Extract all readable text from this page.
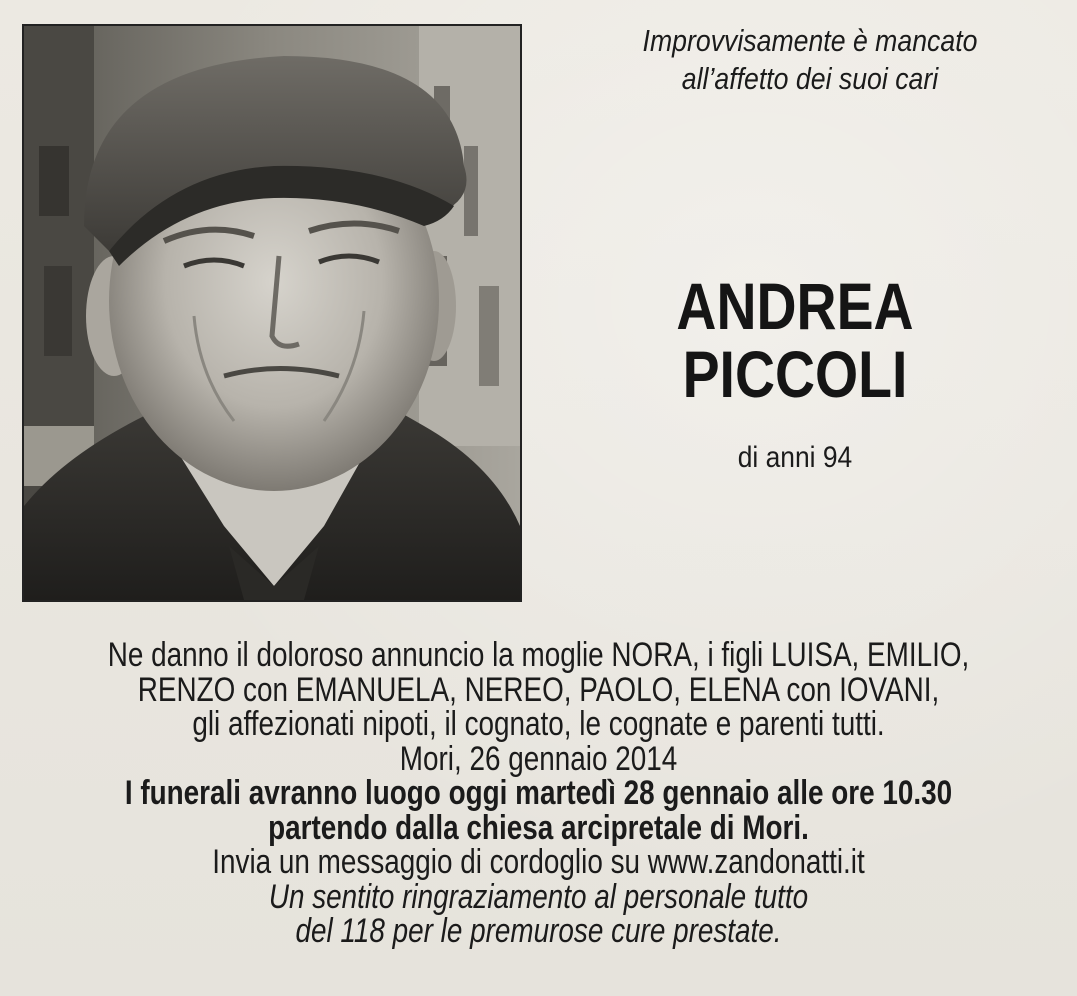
Improvvisamente è mancato
all’affetto dei suoi cari
ANDREA
PICCOLI
di anni 94
Ne danno il doloroso annuncio la moglie NORA, i figli LUISA, EMILIO,
RENZO con EMANUELA, NEREO, PAOLO, ELENA con IOVANI,
gli affezionati nipoti, il cognato, le cognate e parenti tutti.
Mori, 26 gennaio 2014
I funerali avranno luogo oggi martedì 28 gennaio alle ore 10.30
partendo dalla chiesa arcipretale di Mori.
Invia un messaggio di cordoglio su www.zandonatti.it
Un sentito ringraziamento al personale tutto
del 118 per le premurose cure prestate.
